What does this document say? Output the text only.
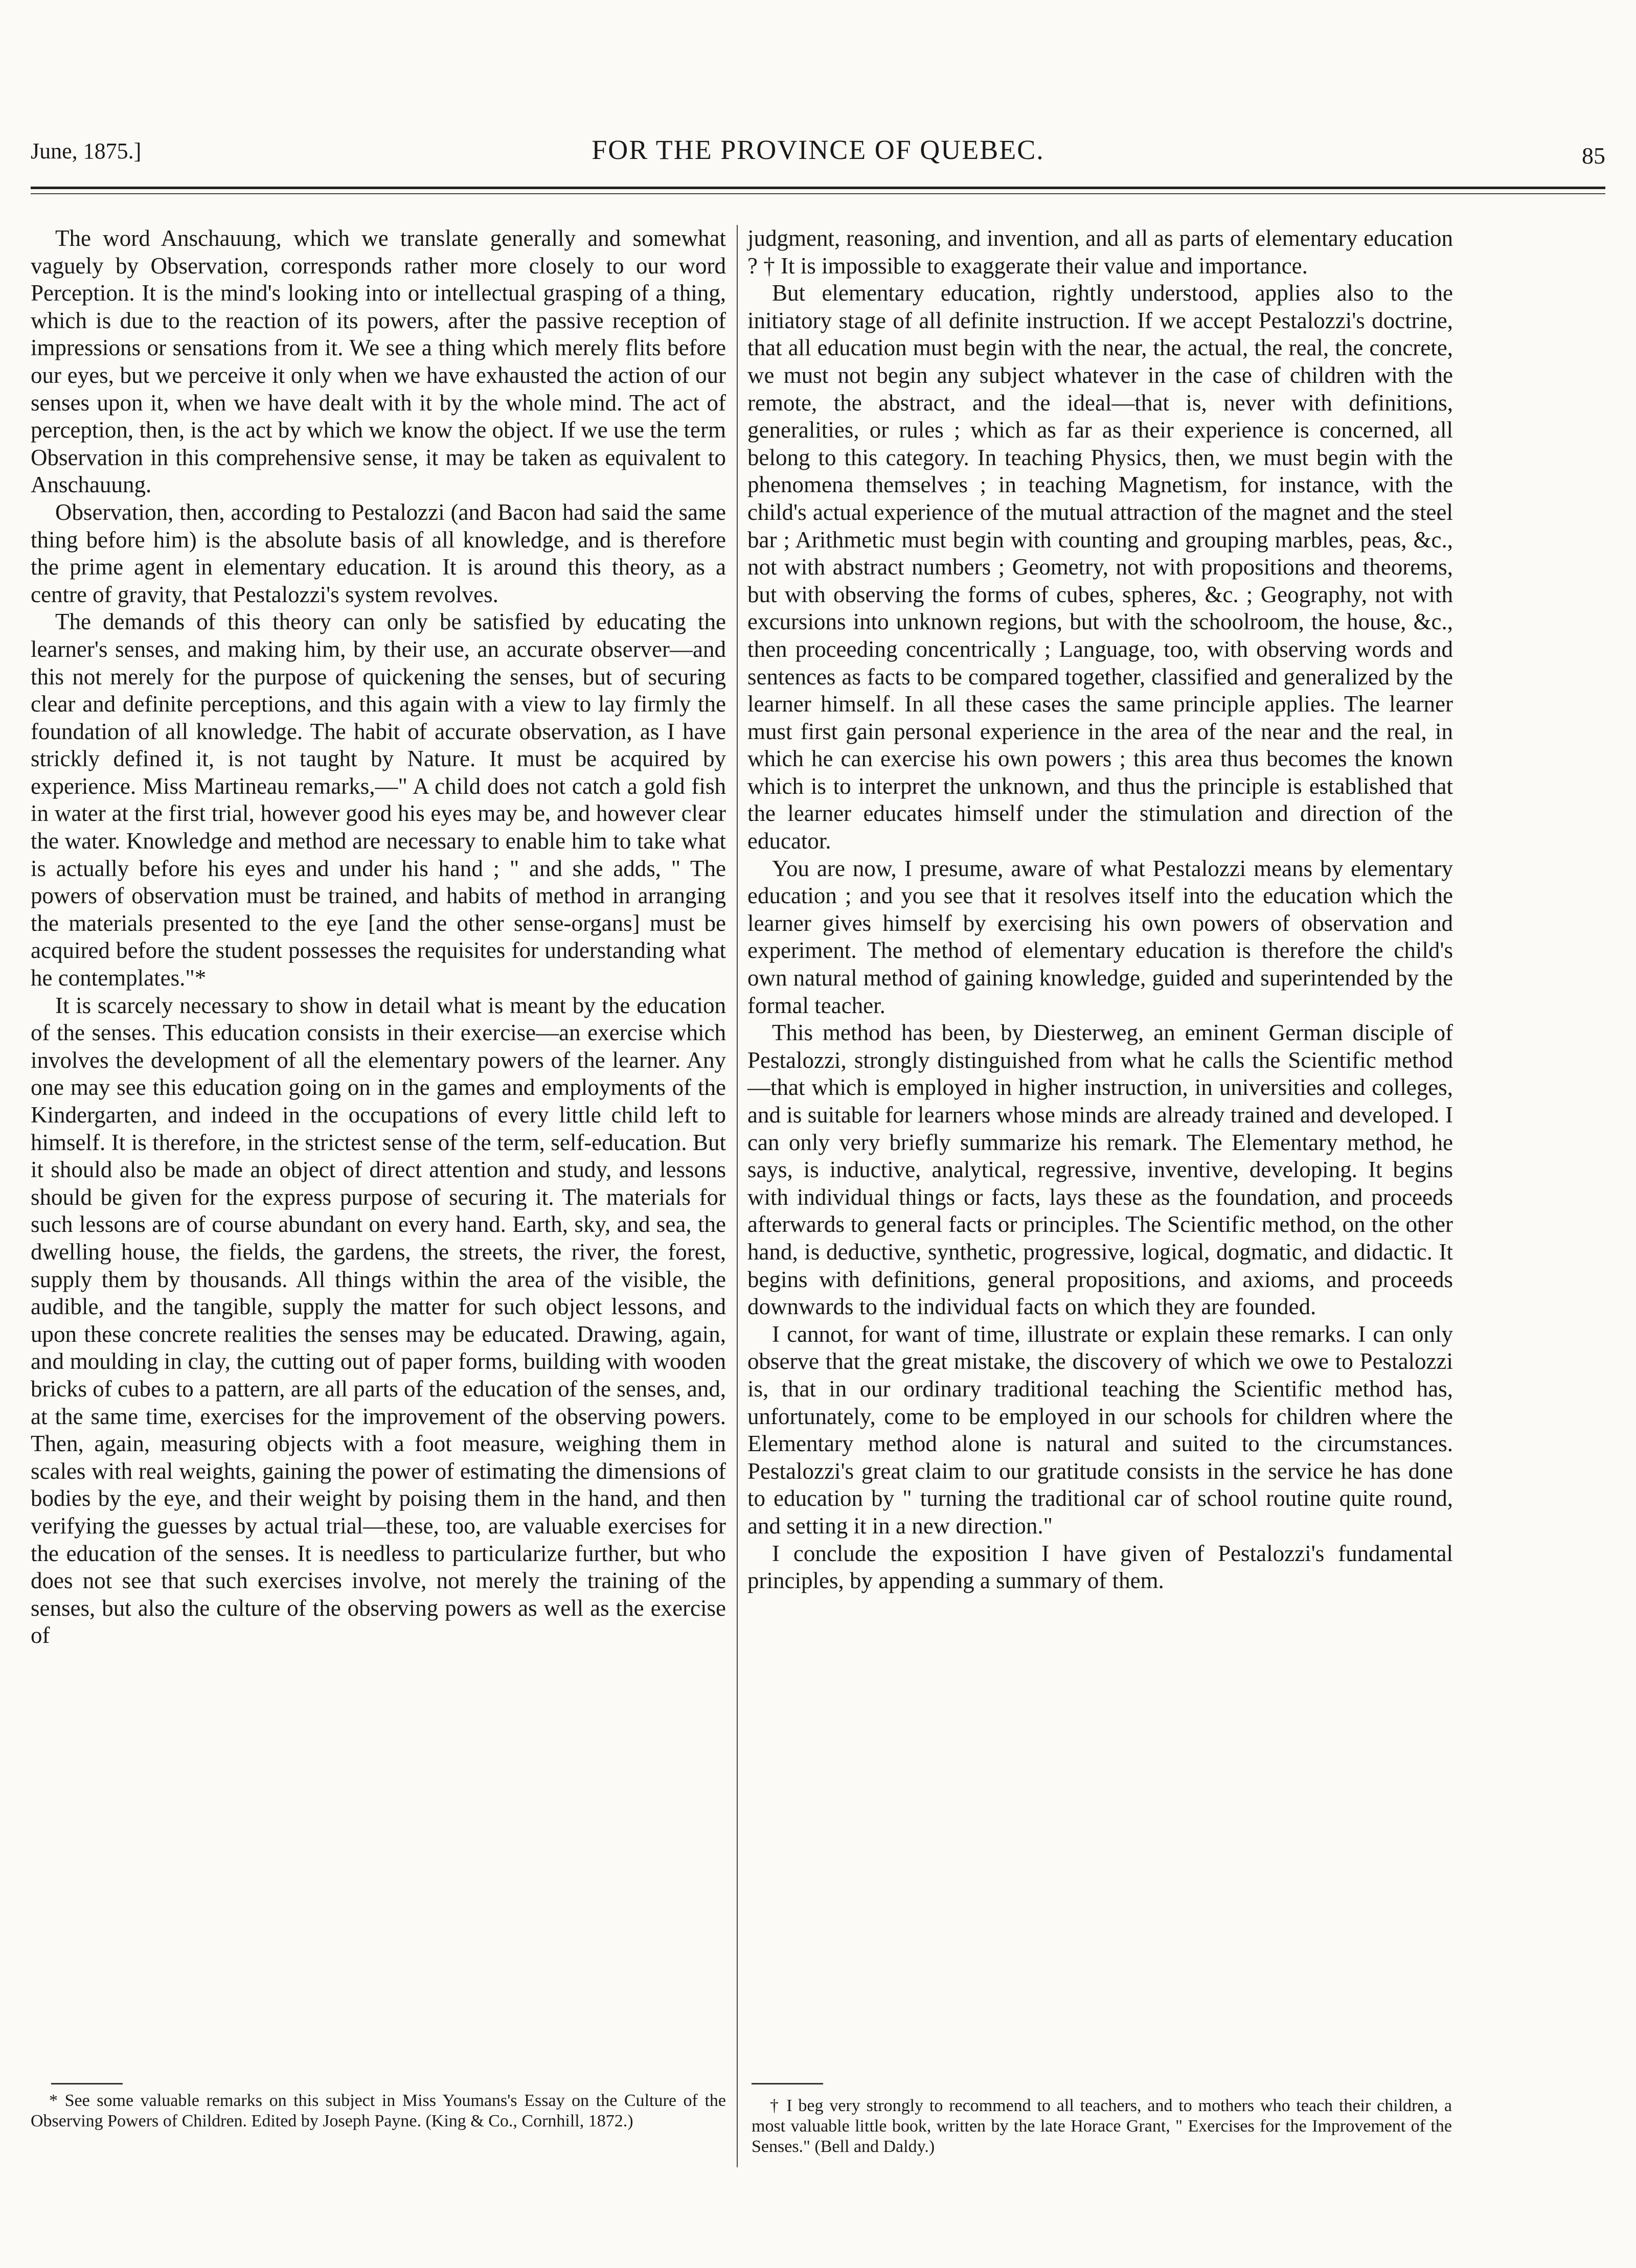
June, 1875.]	FOR THE PROVINCE OF QUEBEC.	85

The word Anschauung, which we translate generally and somewhat vaguely by Observation, corresponds rather more closely to our word Perception. It is the mind's looking into or intellectual grasping of a thing, which is due to the reaction of its powers, after the passive reception of impressions or sensations from it. We see a thing which merely flits before our eyes, but we perceive it only when we have exhausted the action of our senses upon it, when we have dealt with it by the whole mind. The act of perception, then, is the act by which we know the object. If we use the term Observation in this comprehensive sense, it may be taken as equivalent to Anschauung.

Observation, then, according to Pestalozzi (and Bacon had said the same thing before him) is the absolute basis of all knowledge, and is therefore the prime agent in elementary education. It is around this theory, as a centre of gravity, that Pestalozzi's system revolves.

The demands of this theory can only be satisfied by educating the learner's senses, and making him, by their use, an accurate observer—and this not merely for the purpose of quickening the senses, but of securing clear and definite perceptions, and this again with a view to lay firmly the foundation of all knowledge. The habit of accurate observation, as I have strickly defined it, is not taught by Nature. It must be acquired by experience. Miss Martineau remarks,—" A child does not catch a gold fish in water at the first trial, however good his eyes may be, and however clear the water. Knowledge and method are necessary to enable him to take what is actually before his eyes and under his hand ; " and she adds, " The powers of observation must be trained, and habits of method in arranging the materials presented to the eye [and the other sense-organs] must be acquired before the student possesses the requisites for understanding what he contemplates."*

It is scarcely necessary to show in detail what is meant by the education of the senses. This education consists in their exercise—an exercise which involves the development of all the elementary powers of the learner. Any one may see this education going on in the games and employments of the Kindergarten, and indeed in the occupations of every little child left to himself. It is therefore, in the strictest sense of the term, self-education. But it should also be made an object of direct attention and study, and lessons should be given for the express purpose of securing it. The materials for such lessons are of course abundant on every hand. Earth, sky, and sea, the dwelling house, the fields, the gardens, the streets, the river, the forest, supply them by thousands. All things within the area of the visible, the audible, and the tangible, supply the matter for such object lessons, and upon these concrete realities the senses may be educated. Drawing, again, and moulding in clay, the cutting out of paper forms, building with wooden bricks of cubes to a pattern, are all parts of the education of the senses, and, at the same time, exercises for the improvement of the observing powers. Then, again, measuring objects with a foot measure, weighing them in scales with real weights, gaining the power of estimating the dimensions of bodies by the eye, and their weight by poising them in the hand, and then verifying the guesses by actual trial—these, too, are valuable exercises for the education of the senses. It is needless to particularize further, but who does not see that such exercises involve, not merely the training of the senses, but also the culture of the observing powers as well as the exercise of

judgment, reasoning, and invention, and all as parts of elementary education ? † It is impossible to exaggerate their value and importance.

But elementary education, rightly understood, applies also to the initiatory stage of all definite instruction. If we accept Pestalozzi's doctrine, that all education must begin with the near, the actual, the real, the concrete, we must not begin any subject whatever in the case of children with the remote, the abstract, and the ideal—that is, never with definitions, generalities, or rules ; which as far as their experience is concerned, all belong to this category. In teaching Physics, then, we must begin with the phenomena themselves ; in teaching Magnetism, for instance, with the child's actual experience of the mutual attraction of the magnet and the steel bar ; Arithmetic must begin with counting and grouping marbles, peas, &c., not with abstract numbers ; Geometry, not with propositions and theorems, but with observing the forms of cubes, spheres, &c. ; Geography, not with excursions into unknown regions, but with the schoolroom, the house, &c., then proceeding concentrically ; Language, too, with observing words and sentences as facts to be compared together, classified and generalized by the learner himself. In all these cases the same principle applies. The learner must first gain personal experience in the area of the near and the real, in which he can exercise his own powers ; this area thus becomes the known which is to interpret the unknown, and thus the principle is established that the learner educates himself under the stimulation and direction of the educator.

You are now, I presume, aware of what Pestalozzi means by elementary education ; and you see that it resolves itself into the education which the learner gives himself by exercising his own powers of observation and experiment. The method of elementary education is therefore the child's own natural method of gaining knowledge, guided and superintended by the formal teacher.

This method has been, by Diesterweg, an eminent German disciple of Pestalozzi, strongly distinguished from what he calls the Scientific method—that which is employed in higher instruction, in universities and colleges, and is suitable for learners whose minds are already trained and developed. I can only very briefly summarize his remark. The Elementary method, he says, is inductive, analytical, regressive, inventive, developing. It begins with individual things or facts, lays these as the foundation, and proceeds afterwards to general facts or principles. The Scientific method, on the other hand, is deductive, synthetic, progressive, logical, dogmatic, and didactic. It begins with definitions, general propositions, and axioms, and proceeds downwards to the individual facts on which they are founded.

I cannot, for want of time, illustrate or explain these remarks. I can only observe that the great mistake, the discovery of which we owe to Pestalozzi is, that in our ordinary traditional teaching the Scientific method has, unfortunately, come to be employed in our schools for children where the Elementary method alone is natural and suited to the circumstances. Pestalozzi's great claim to our gratitude consists in the service he has done to education by " turning the traditional car of school routine quite round, and setting it in a new direction."

I conclude the exposition I have given of Pestalozzi's fundamental principles, by appending a summary of them.

* See some valuable remarks on this subject in Miss Youmans's Essay on the Culture of the Observing Powers of Children. Edited by Joseph Payne. (King & Co., Cornhill, 1872.)

† I beg very strongly to recommend to all teachers, and to mothers who teach their children, a most valuable little book, written by the late Horace Grant, " Exercises for the Improvement of the Senses." (Bell and Daldy.)
